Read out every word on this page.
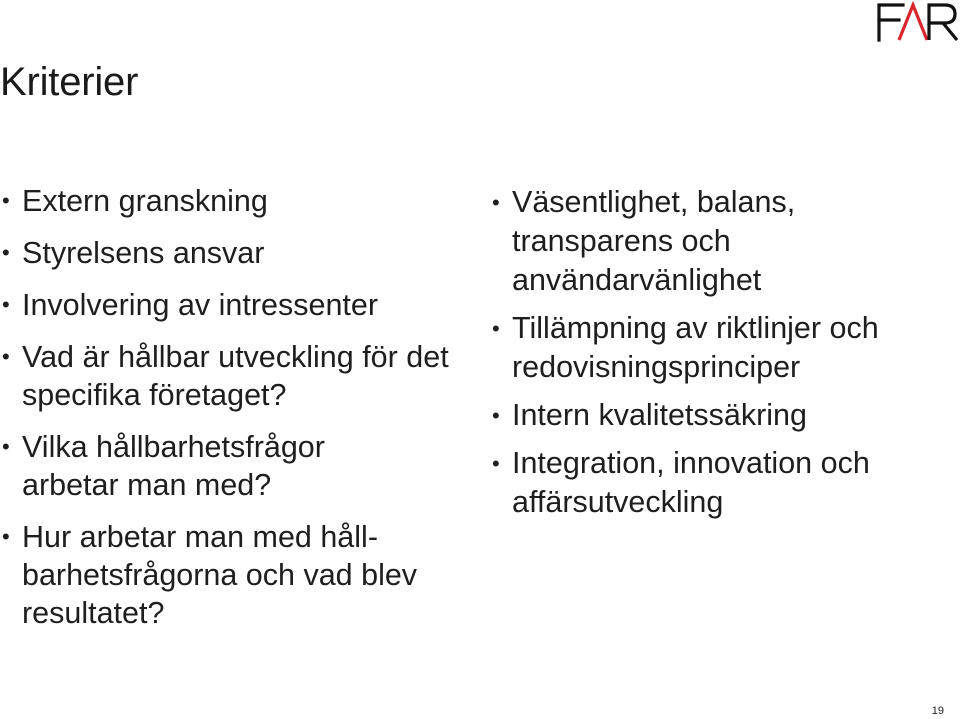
Kriterier
• Extern granskning
• Styrelsens ansvar
• Involvering av intressenter
• Vad är hållbar utveckling för det specifika företaget?
• Vilka hållbarhetsfrågor arbetar man med?
• Hur arbetar man med håll-barhetsfrågorna och vad blev resultatet?
• Väsentlighet, balans, transparens och användarvänlighet
• Tillämpning av riktlinjer och redovisningsprinciper
• Intern kvalitetssäkring
• Integration, innovation och affärsutveckling
19
